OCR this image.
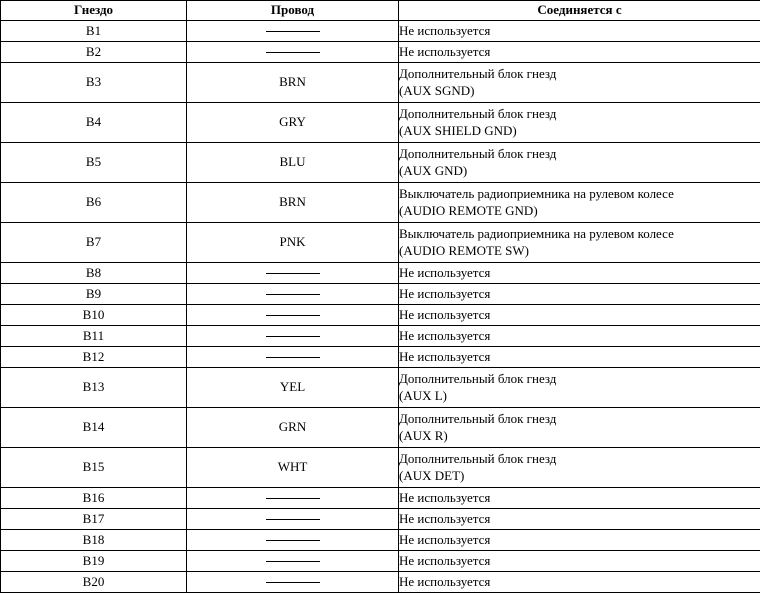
Гнездо	Провод	Соединяется с
B1		Не используется
B2		Не используется
B3	BRN	Дополнительный блок гнезд
(AUX SGND)

B4	GRY	Дополнительный блок гнезд
(AUX SHIELD GND)

B5	BLU	Дополнительный блок гнезд
(AUX GND)

B6	BRN	Выключатель радиоприемника на рулевом колесе
(AUDIO REMOTE GND)

B7	PNK	Выключатель радиоприемника на рулевом колесе
(AUDIO REMOTE SW)

B8		Не используется
B9		Не используется
B10		Не используется
B11		Не используется
B12		Не используется
B13	YEL	Дополнительный блок гнезд
(AUX L)

B14	GRN	Дополнительный блок гнезд
(AUX R)

B15	WHT	Дополнительный блок гнезд
(AUX DET)

B16		Не используется
B17		Не используется
B18		Не используется
B19		Не используется
B20		Не используется
